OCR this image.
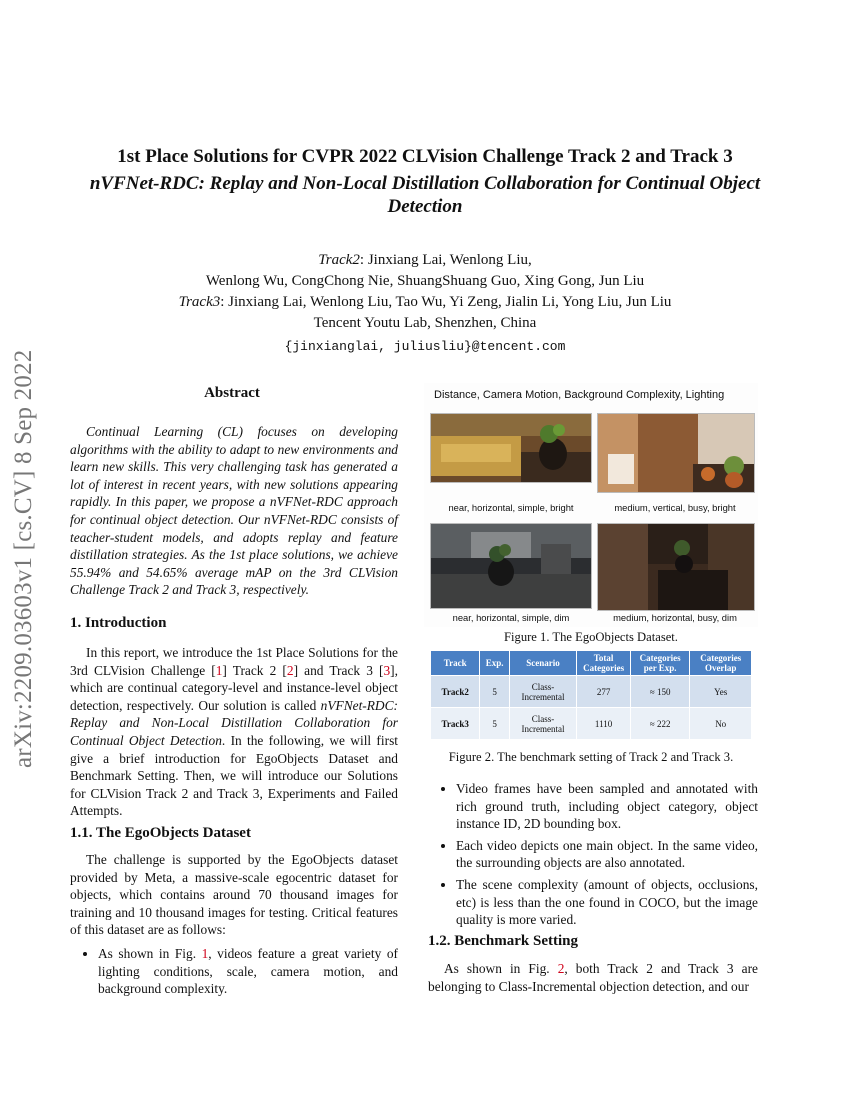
arXiv:2209.03603v1 [cs.CV] 8 Sep 2022
1st Place Solutions for CVPR 2022 CLVision Challenge Track 2 and Track 3
nVFNet-RDC: Replay and Non-Local Distillation Collaboration for Continual Object Detection
Track2: Jinxiang Lai, Wenlong Liu,
Wenlong Wu, CongChong Nie, ShuangShuang Guo, Xing Gong, Jun Liu
Track3: Jinxiang Lai, Wenlong Liu, Tao Wu, Yi Zeng, Jialin Li, Yong Liu, Jun Liu
Tencent Youtu Lab, Shenzhen, China
{jinxianglai, juliusliu}@tencent.com
Abstract

Continual Learning (CL) focuses on developing algorithms with the ability to adapt to new environments and learn new skills. This very challenging task has generated a lot of interest in recent years, with new solutions appearing rapidly. In this paper, we propose a nVFNet-RDC approach for continual object detection. Our nVFNet-RDC consists of teacher-student models, and adopts replay and feature distillation strategies. As the 1st place solutions, we achieve 55.94% and 54.65% average mAP on the 3rd CLVision Challenge Track 2 and Track 3, respectively.

1. Introduction

In this report, we introduce the 1st Place Solutions for the 3rd CLVision Challenge [1] Track 2 [2] and Track 3 [3], which are continual category-level and instance-level object detection, respectively. Our solution is called nVFNet-RDC: Replay and Non-Local Distillation Collaboration for Continual Object Detection. In the following, we will first give a brief introduction for EgoObjects Dataset and Benchmark Setting. Then, we will introduce our Solutions for CLVision Track 2 and Track 3, Experiments and Failed Attempts.

1.1. The EgoObjects Dataset

The challenge is supported by the EgoObjects dataset provided by Meta, a massive-scale egocentric dataset for objects, which contains around 70 thousand images for training and 10 thousand images for testing. Critical features of this dataset are as follows:

• As shown in Fig. 1, videos feature a great variety of lighting conditions, scale, camera motion, and background complexity.
Distance, Camera Motion, Background Complexity, Lighting
near, horizontal, simple, bright	medium, vertical, busy, bright
near, horizontal, simple, dim	medium, horizontal, busy, dim
Figure 1. The EgoObjects Dataset.
Track	Exp.	Scenario	Total Categories	Categories per Exp.	Categories Overlap
Track2	5	Class-Incremental	277	≈ 150	Yes
Track3	5	Class-Incremental	1110	≈ 222	No
Figure 2. The benchmark setting of Track 2 and Track 3.
• Video frames have been sampled and annotated with rich ground truth, including object category, object instance ID, 2D bounding box.
• Each video depicts one main object. In the same video, the surrounding objects are also annotated.
• The scene complexity (amount of objects, occlusions, etc) is less than the one found in COCO, but the image quality is more varied.
1.2. Benchmark Setting

As shown in Fig. 2, both Track 2 and Track 3 are belonging to Class-Incremental objection detection, and our
